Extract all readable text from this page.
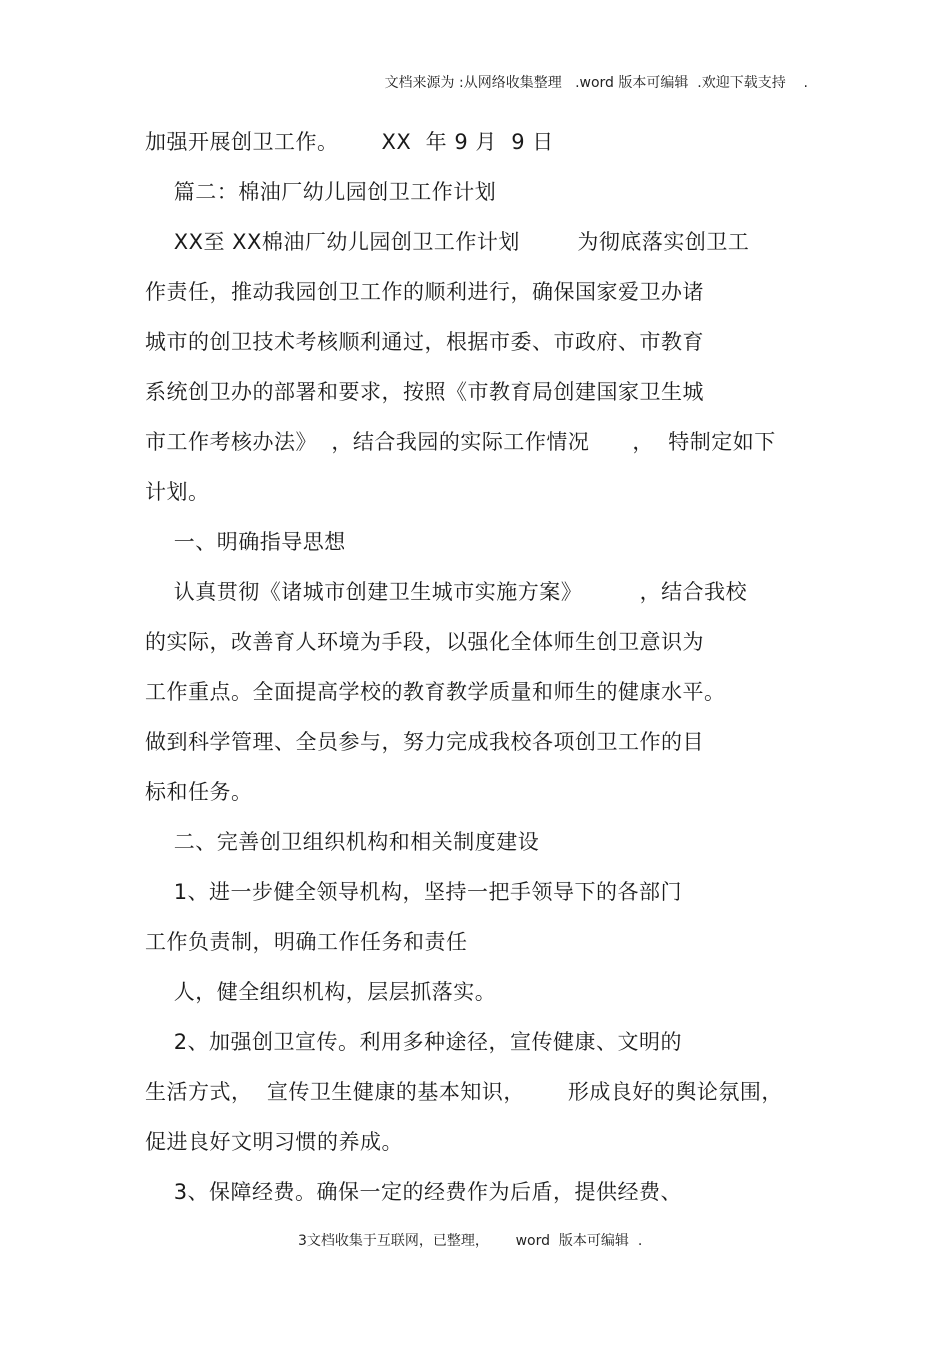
文档来源为 :从网络收集整理   .word 版本可编辑  .欢迎下载支持    .
加强开展创卫工作。      XX  年 9 月  9 日
篇二：棉油厂幼儿园创卫工作计划
XX至 XX棉油厂幼儿园创卫工作计划        为彻底落实创卫工
作责任，推动我园创卫工作的顺利进行，确保国家爱卫办诸
城市的创卫技术考核顺利通过，根据市委、市政府、市教育
系统创卫办的部署和要求，按照《市教育局创建国家卫生城
市工作考核办法》  ，结合我园的实际工作情况      ，  特制定如下
计划。
一、明确指导思想
认真贯彻《诸城市创建卫生城市实施方案》        ，结合我校
的实际，改善育人环境为手段，以强化全体师生创卫意识为
工作重点。全面提高学校的教育教学质量和师生的健康水平。
做到科学管理、全员参与，努力完成我校各项创卫工作的目
标和任务。
二、完善创卫组织机构和相关制度建设
1、进一步健全领导机构，坚持一把手领导下的各部门
工作负责制，明确工作任务和责任
人，健全组织机构，层层抓落实。
2、加强创卫宣传。利用多种途径，宣传健康、文明的
生活方式，  宣传卫生健康的基本知识，      形成良好的舆论氛围，
促进良好文明习惯的养成。
3、保障经费。确保一定的经费作为后盾，提供经费、
3文档收集于互联网，已整理，      word  版本可编辑  .
